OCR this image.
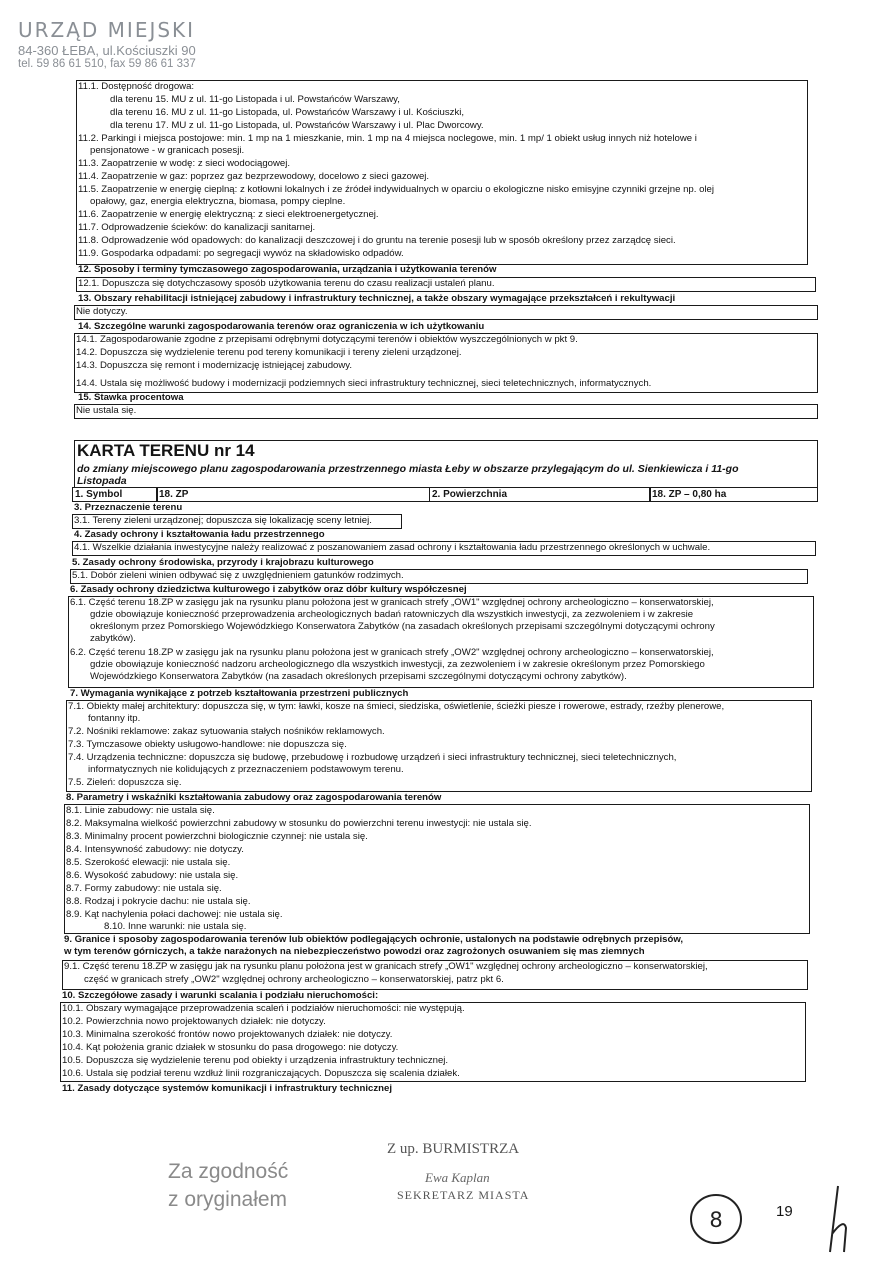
URZĄD MIEJSKI
84-360 ŁEBA, ul.Kościuszki 90
tel. 59 86 61 510, fax 59 86 61 337
11.1. Dostępność drogowa:
dla terenu 15. MU z ul. 11-go Listopada i ul. Powstańców Warszawy,
dla terenu 16. MU z ul. 11-go Listopada, ul. Powstańców Warszawy i ul. Kościuszki,
dla terenu 17. MU z ul. 11-go Listopada, ul. Powstańców Warszawy i ul. Plac Dworcowy.
11.2. Parkingi i miejsca postojowe: min. 1 mp na 1 mieszkanie, min. 1 mp na 4 miejsca noclegowe, min. 1 mp/ 1 obiekt usług innych niż hotelowe i
pensjonatowe - w granicach posesji.
11.3. Zaopatrzenie w wodę: z sieci wodociągowej.
11.4. Zaopatrzenie w gaz: poprzez gaz bezprzewodowy, docelowo z sieci gazowej.
11.5. Zaopatrzenie w energię cieplną: z kotłowni lokalnych i ze źródeł indywidualnych w oparciu o ekologiczne nisko emisyjne czynniki grzejne np. olej
opałowy, gaz, energia elektryczna, biomasa, pompy cieplne.
11.6. Zaopatrzenie w energię elektryczną: z sieci elektroenergetycznej.
11.7. Odprowadzenie ścieków: do kanalizacji sanitarnej.
11.8. Odprowadzenie wód opadowych: do kanalizacji deszczowej i do gruntu na terenie posesji lub w sposób określony przez zarządcę sieci.
11.9. Gospodarka odpadami: po segregacji wywóz na składowisko odpadów.
12. Sposoby i terminy tymczasowego zagospodarowania, urządzania i użytkowania terenów
12.1. Dopuszcza się dotychczasowy sposób użytkowania terenu do czasu realizacji ustaleń planu.
13. Obszary rehabilitacji istniejącej zabudowy i infrastruktury technicznej, a także obszary wymagające przekształceń i rekultywacji
Nie dotyczy.
14. Szczególne warunki zagospodarowania terenów oraz ograniczenia w ich użytkowaniu
14.1. Zagospodarowanie zgodne z przepisami odrębnymi dotyczącymi terenów i obiektów wyszczególnionych w pkt 9.
14.2. Dopuszcza się wydzielenie terenu pod tereny komunikacji i tereny zieleni urządzonej.
14.3. Dopuszcza się remont i modernizację istniejącej zabudowy.
14.4. Ustala się możliwość budowy i modernizacji podziemnych sieci infrastruktury technicznej, sieci teletechnicznych, informatycznych.
15. Stawka procentowa
Nie ustala się.
KARTA TERENU nr 14
do zmiany miejscowego planu zagospodarowania przestrzennego miasta Łeby w obszarze przylegającym do ul. Sienkiewicza i 11-go
Listopada
1. Symbol	18. ZP	2. Powierzchnia	18. ZP – 0,80 ha
3. Przeznaczenie terenu
3.1. Tereny zieleni urządzonej; dopuszcza się lokalizację sceny letniej.
4. Zasady ochrony i kształtowania ładu przestrzennego
4.1. Wszelkie działania inwestycyjne należy realizować z poszanowaniem zasad ochrony i kształtowania ładu przestrzennego określonych w uchwale.
5. Zasady ochrony środowiska, przyrody i krajobrazu kulturowego
5.1. Dobór zieleni winien odbywać się z uwzględnieniem gatunków rodzimych.
6. Zasady ochrony dziedzictwa kulturowego i zabytków oraz dóbr kultury współczesnej
6.1. Część terenu 18.ZP w zasięgu jak na rysunku planu położona jest w granicach strefy „OW1" względnej ochrony archeologiczno – konserwatorskiej,
gdzie obowiązuje konieczność przeprowadzenia archeologicznych badań ratowniczych dla wszystkich inwestycji, za zezwoleniem i w zakresie
określonym przez Pomorskiego Wojewódzkiego Konserwatora Zabytków (na zasadach określonych przepisami szczególnymi dotyczącymi ochrony
zabytków).
6.2. Część terenu 18.ZP w zasięgu jak na rysunku planu położona jest w granicach strefy „OW2" względnej ochrony archeologiczno – konserwatorskiej,
gdzie obowiązuje konieczność nadzoru archeologicznego dla wszystkich inwestycji, za zezwoleniem i w zakresie określonym przez Pomorskiego
Wojewódzkiego Konserwatora Zabytków (na zasadach określonych przepisami szczególnymi dotyczącymi ochrony zabytków).
7. Wymagania wynikające z potrzeb kształtowania przestrzeni publicznych
7.1. Obiekty małej architektury: dopuszcza się, w tym: ławki, kosze na śmieci, siedziska, oświetlenie, ścieżki piesze i rowerowe, estrady, rzeźby plenerowe,
fontanny itp.
7.2. Nośniki reklamowe: zakaz sytuowania stałych nośników reklamowych.
7.3. Tymczasowe obiekty usługowo-handlowe: nie dopuszcza się.
7.4. Urządzenia techniczne: dopuszcza się budowę, przebudowę i rozbudowę urządzeń i sieci infrastruktury technicznej, sieci teletechnicznych,
informatycznych nie kolidujących z przeznaczeniem podstawowym terenu.
7.5. Zieleń: dopuszcza się.
8. Parametry i wskaźniki kształtowania zabudowy oraz zagospodarowania terenów
8.1. Linie zabudowy: nie ustala się.
8.2. Maksymalna wielkość powierzchni zabudowy w stosunku do powierzchni terenu inwestycji: nie ustala się.
8.3. Minimalny procent powierzchni biologicznie czynnej: nie ustala się.
8.4. Intensywność zabudowy: nie dotyczy.
8.5. Szerokość elewacji: nie ustala się.
8.6. Wysokość zabudowy: nie ustala się.
8.7. Formy zabudowy: nie ustala się.
8.8. Rodzaj i pokrycie dachu: nie ustala się.
8.9. Kąt nachylenia połaci dachowej: nie ustala się.
8.10. Inne warunki: nie ustala się.
9. Granice i sposoby zagospodarowania terenów lub obiektów podlegających ochronie, ustalonych na podstawie odrębnych przepisów,
w tym terenów górniczych, a także narażonych na niebezpieczeństwo powodzi oraz zagrożonych osuwaniem się mas ziemnych
9.1. Część terenu 18.ZP w zasięgu jak na rysunku planu położona jest w granicach strefy „OW1" względnej ochrony archeologiczno – konserwatorskiej,
część w granicach strefy „OW2" względnej ochrony archeologiczno – konserwatorskiej, patrz pkt 6.
10. Szczegółowe zasady i warunki scalania i podziału nieruchomości:
10.1. Obszary wymagające przeprowadzenia scaleń i podziałów nieruchomości: nie występują.
10.2. Powierzchnia nowo projektowanych działek: nie dotyczy.
10.3. Minimalna szerokość frontów nowo projektowanych działek: nie dotyczy.
10.4. Kąt położenia granic działek w stosunku do pasa drogowego: nie dotyczy.
10.5. Dopuszcza się wydzielenie terenu pod obiekty i urządzenia infrastruktury technicznej.
10.6. Ustala się podział terenu wzdłuż linii rozgraniczających. Dopuszcza się scalenia działek.
11. Zasady dotyczące systemów komunikacji i infrastruktury technicznej
Za zgodność
z oryginałem
Z up. BURMISTRZA
Ewa Kaplan
SEKRETARZ MIASTA
8	19
